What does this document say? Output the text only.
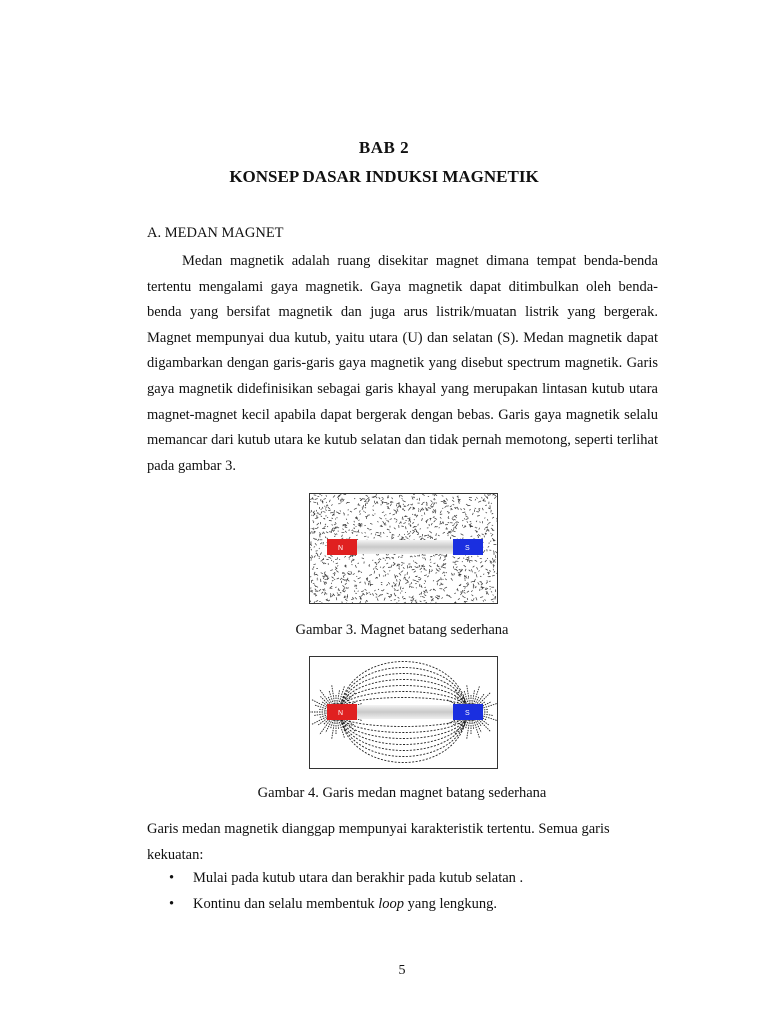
BAB 2
KONSEP DASAR INDUKSI MAGNETIK
A. MEDAN MAGNET

Medan magnetik adalah ruang disekitar magnet dimana tempat benda-benda tertentu mengalami gaya magnetik. Gaya magnetik dapat ditimbulkan oleh benda-benda yang bersifat magnetik dan juga arus listrik/muatan listrik yang bergerak. Magnet mempunyai dua kutub, yaitu utara (U) dan selatan (S). Medan magnetik dapat digambarkan dengan garis-garis gaya magnetik yang disebut spectrum magnetik. Garis gaya magnetik didefinisikan sebagai garis khayal yang merupakan lintasan kutub utara magnet-magnet kecil apabila dapat bergerak dengan bebas. Garis gaya magnetik selalu memancar dari kutub utara ke kutub selatan dan tidak pernah memotong, seperti terlihat pada gambar 3.

N	S
Gambar 3. Magnet batang sederhana
N	S
Gambar 4. Garis medan magnet batang sederhana

Garis medan magnetik dianggap mempunyai karakteristik tertentu. Semua garis kekuatan:

• Mulai pada kutub utara dan berakhir pada kutub selatan .
• Kontinu dan selalu membentuk loop yang lengkung.
5
